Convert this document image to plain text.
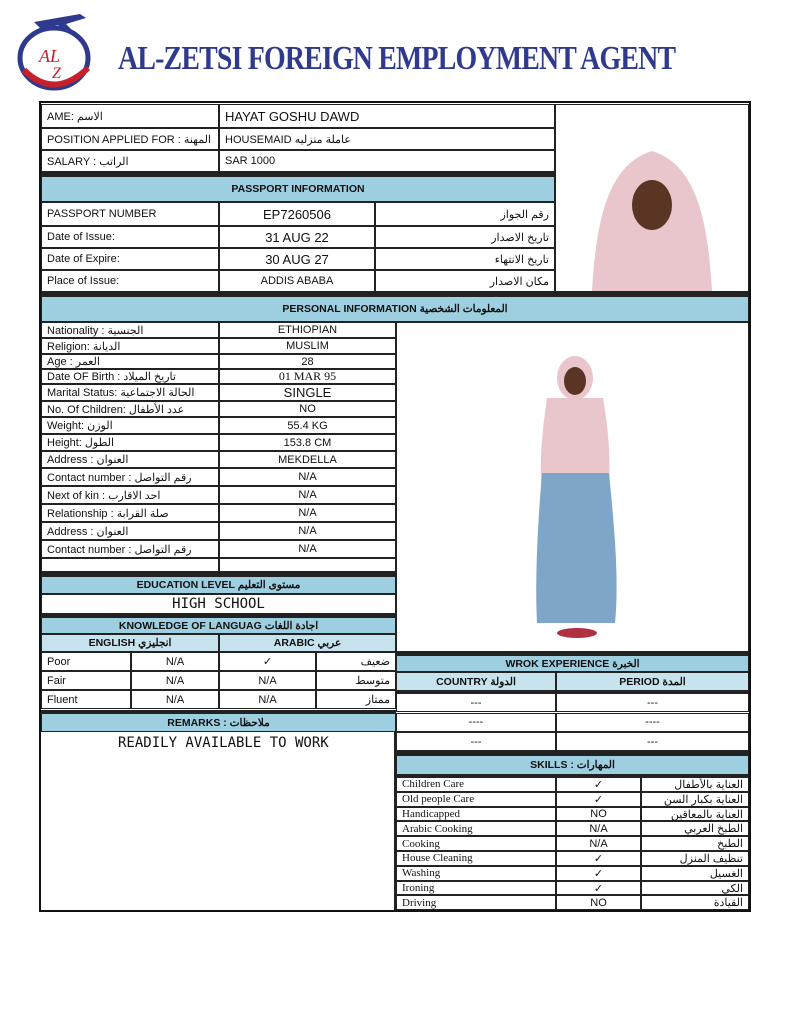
AL
Z AL-ZETSI FOREIGN EMPLOYMENT AGENT
AME: الاسم	HAYAT GOSHU DAWD
POSITION APPLIED FOR : المهنة	HOUSEMAID عاملة منزليه
SALARY : الراتب	SAR 1000
PASSPORT INFORMATION
PASSPORT NUMBER	EP7260506	رقم الجواز
Date of Issue:	31 AUG 22	تاريخ الاصدار
Date of Expire:	30 AUG 27	تاريخ الانتهاء
Place of Issue:	ADDIS ABABA	مكان الاصدار
PERSONAL INFORMATION المعلومات الشخصية
Nationality : الجنسية	ETHIOPIAN
Religion: الديانة	MUSLIM
Age : العمر	28
Date OF Birth : تاريخ الميلاد	01 MAR 95
Marital Status: الحالة الاجتماعية	SINGLE
No. Of Children: عدد الأطفال	NO
Weight: الوزن	55.4 KG
Height: الطول	153.8 CM
Address : العنوان	MEKDELLA
Contact number : رقم التواصل	N/A
Next of kin : احد الاقارب	N/A
Relationship : صلة القرابة	N/A
Address : العنوان	N/A
Contact number : رقم التواصل	N/A
EDUCATION LEVEL مستوى التعليم
HIGH SCHOOL
KNOWLEDGE OF LANGUAG اجادة اللغات
ENGLISH انجليزي	ARABIC عربي
Poor	N/A	✓	ضعيف
Fair	N/A	N/A	متوسط
Fluent	N/A	N/A	ممتاز
REMARKS : ملاحظات
READILY AVAILABLE TO WORK
WROK EXPERIENCE الخبرة
COUNTRY الدولة	PERIOD المدة
---	---
----	----
---	---
SKILLS : المهارات
Children Care	✓	العناية بالأطفال
Old people Care	✓	العناية بكبار السن
Handicapped	NO	العناية بالمعاقين
Arabic Cooking	N/A	الطبخ العربي
Cooking	N/A	الطبخ
House Cleaning	✓	تنظيف المنزل
Washing	✓	الغسيل
Ironing	✓	الكي
Driving	NO	القيادة
